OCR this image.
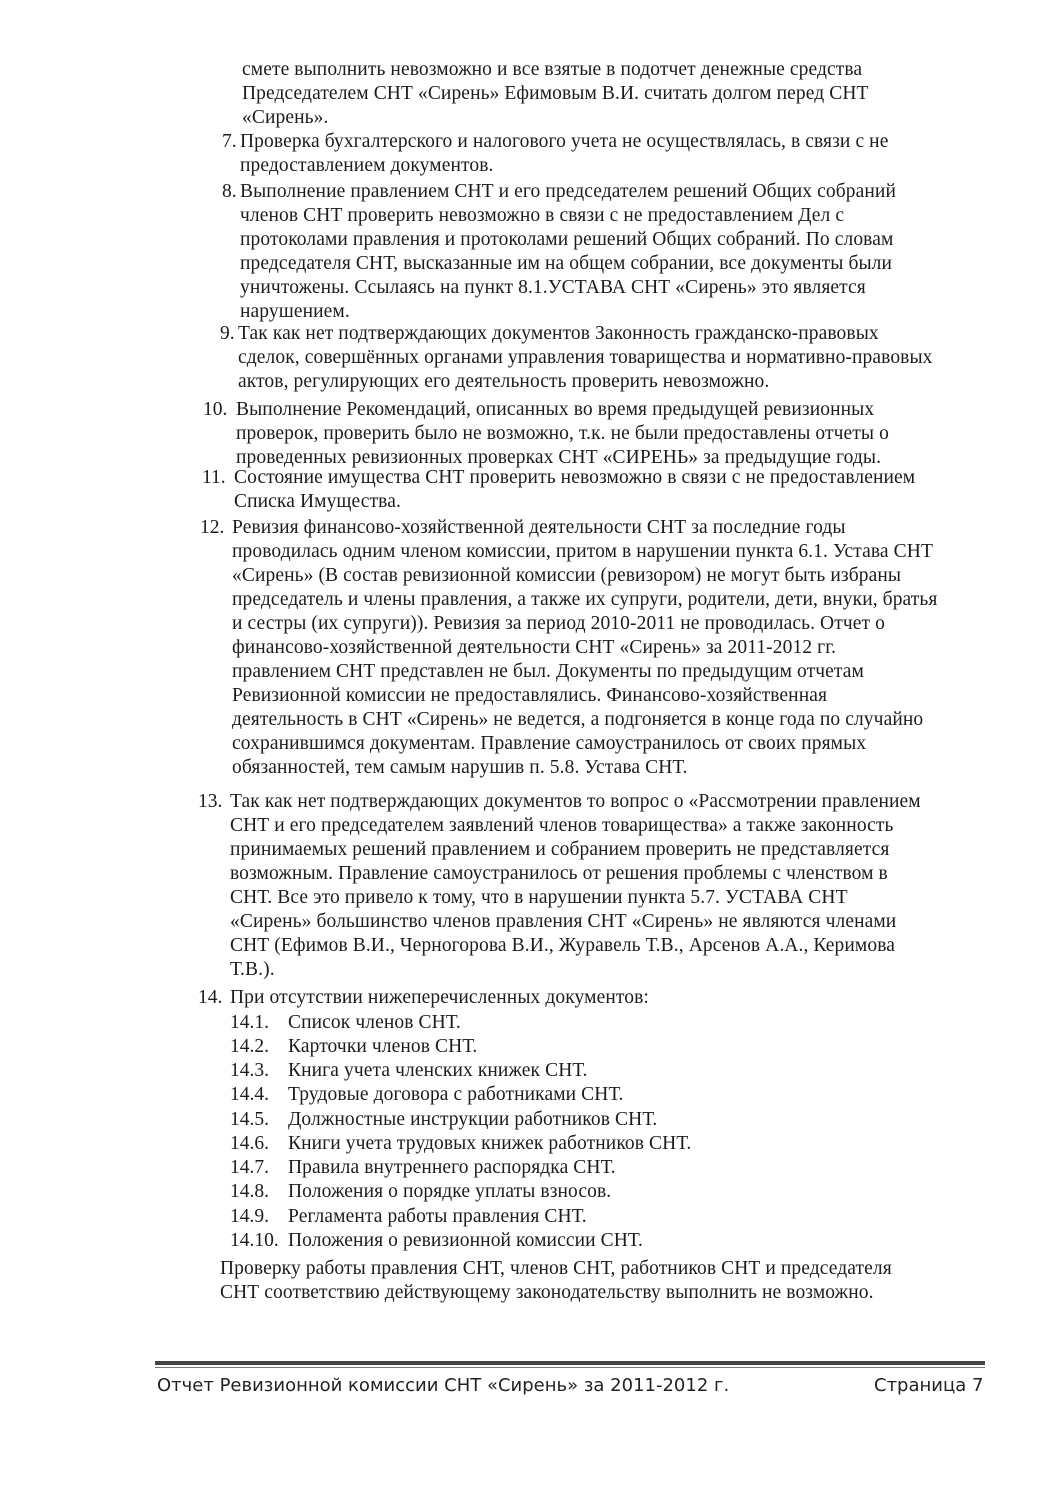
смете выполнить невозможно и все взятые в подотчет денежные средства
Председателем СНТ «Сирень» Ефимовым В.И. считать долгом перед СНТ
«Сирень».
7. Проверка бухгалтерского и налогового учета не осуществлялась, в связи с не
предоставлением документов.
8. Выполнение правлением СНТ и его председателем решений Общих собраний
членов СНТ проверить невозможно в связи с не предоставлением Дел с
протоколами правления и протоколами решений Общих собраний. По словам
председателя СНТ, высказанные им на общем собрании, все документы были
уничтожены. Ссылаясь на пункт 8.1.УСТАВА СНТ «Сирень» это является
нарушением.
9. Так как нет подтверждающих документов Законность гражданско-правовых
сделок, совершённых органами управления товарищества и нормативно-правовых
актов, регулирующих его деятельность проверить невозможно.
10. Выполнение Рекомендаций, описанных во время предыдущей ревизионных
проверок, проверить было не возможно, т.к. не были предоставлены отчеты о
проведенных ревизионных проверках СНТ «СИРЕНЬ» за предыдущие годы.
11. Состояние имущества СНТ проверить невозможно в связи с не предоставлением
Списка Имущества.
12. Ревизия финансово-хозяйственной деятельности СНТ за последние годы
проводилась одним членом комиссии, притом в нарушении пункта 6.1. Устава СНТ
«Сирень» (В состав ревизионной комиссии (ревизором) не могут быть избраны
председатель и члены правления, а также их супруги, родители, дети, внуки, братья
и сестры (их супруги)). Ревизия за период 2010-2011 не проводилась. Отчет о
финансово-хозяйственной деятельности СНТ «Сирень» за 2011-2012 гг.
правлением СНТ представлен не был. Документы по предыдущим отчетам
Ревизионной комиссии не предоставлялись. Финансово-хозяйственная
деятельность в СНТ «Сирень» не ведется, а подгоняется в конце года по случайно
сохранившимся документам. Правление самоустранилось от своих прямых
обязанностей, тем самым нарушив п. 5.8. Устава СНТ.
13. Так как нет подтверждающих документов то вопрос о «Рассмотрении правлением
СНТ и его председателем заявлений членов товарищества» а также законность
принимаемых решений правлением и собранием проверить не представляется
возможным. Правление самоустранилось от решения проблемы с членством в
СНТ. Все это привело к тому, что в нарушении пункта 5.7. УСТАВА СНТ
«Сирень» большинство членов правления СНТ «Сирень» не являются членами
СНТ (Ефимов В.И., Черногорова В.И., Журавель Т.В., Арсенов А.А., Керимова
Т.В.).
14. При отсутствии нижеперечисленных документов:
14.1. Список членов СНТ.
14.2. Карточки членов СНТ.
14.3. Книга учета членских книжек СНТ.
14.4. Трудовые договора с работниками СНТ.
14.5. Должностные инструкции работников СНТ.
14.6. Книги учета трудовых книжек работников СНТ.
14.7. Правила внутреннего распорядка СНТ.
14.8. Положения о порядке уплаты взносов.
14.9. Регламента работы правления СНТ.
14.10. Положения о ревизионной комиссии СНТ.
Проверку работы правления СНТ, членов СНТ, работников СНТ и председателя
СНТ соответствию действующему законодательству выполнить не возможно.
Отчет Ревизионной комиссии СНТ «Сирень» за 2011-2012 г.	Страница 7
